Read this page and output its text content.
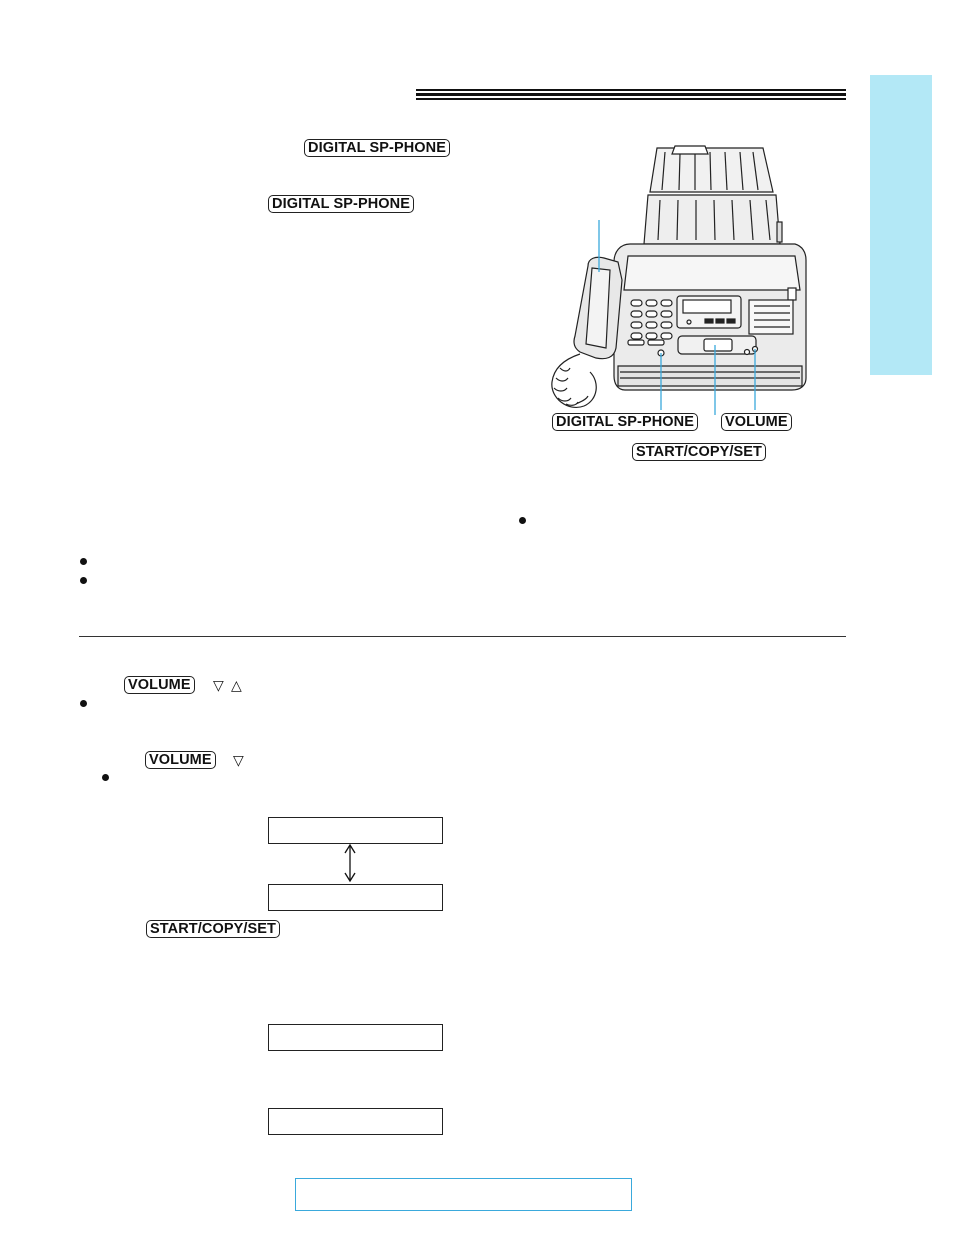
DIGITAL SP-PHONE
DIGITAL SP-PHONE
DIGITAL SP-PHONE VOLUME
START/COPY/SET
VOLUME ▽ △
VOLUME ▽
START/COPY/SET
